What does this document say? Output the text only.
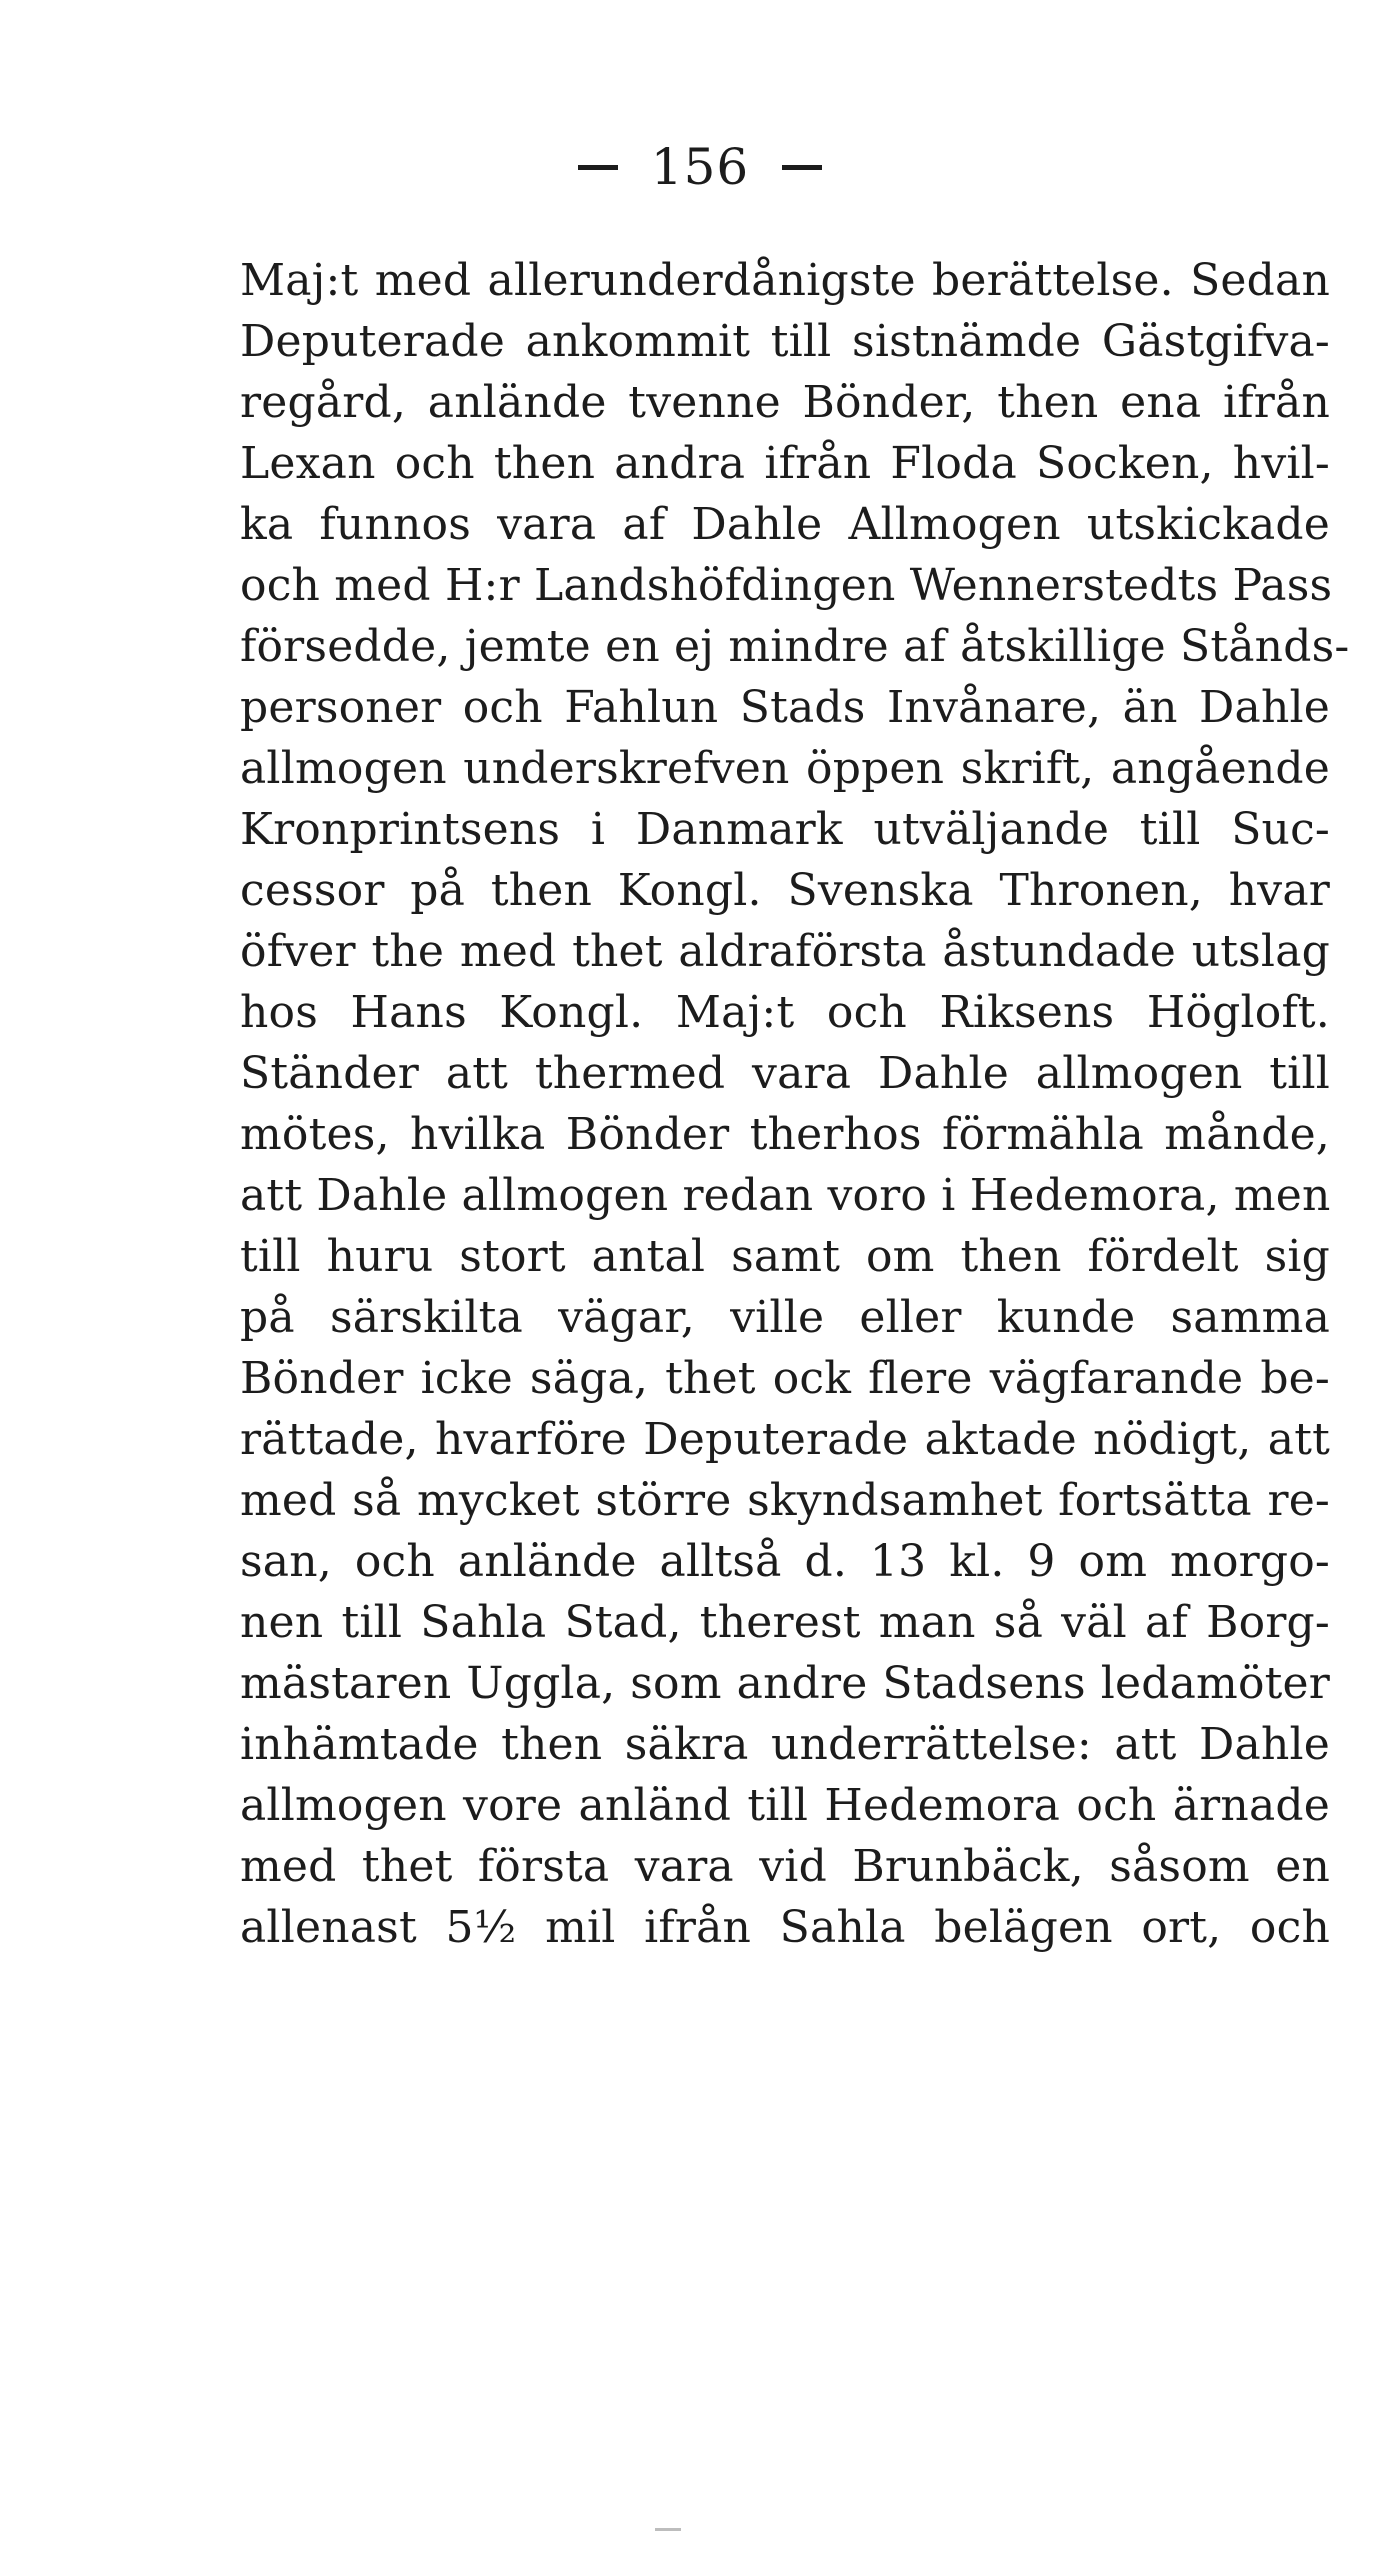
156
Maj:t med allerunderdånigste berättelse. Sedan
Deputerade ankommit till sistnämde Gästgifva-
regård, anlände tvenne Bönder, then ena ifrån
Lexan och then andra ifrån Floda Socken, hvil-
ka funnos vara af Dahle Allmogen utskickade
och med H:r Landshöfdingen Wennerstedts Pass
försedde, jemte en ej mindre af åtskillige Stånds-
personer och Fahlun Stads Invånare, än Dahle
allmogen underskrefven öppen skrift, angående
Kronprintsens i Danmark utväljande till Suc-
cessor på then Kongl. Svenska Thronen, hvar
öfver the med thet aldraförsta åstundade utslag
hos Hans Kongl. Maj:t och Riksens Högloft.
Ständer att thermed vara Dahle allmogen till
mötes, hvilka Bönder therhos förmähla månde,
att Dahle allmogen redan voro i Hedemora, men
till huru stort antal samt om then fördelt sig
på särskilta vägar, ville eller kunde samma
Bönder icke säga, thet ock flere vägfarande be-
rättade, hvarföre Deputerade aktade nödigt, att
med så mycket större skyndsamhet fortsätta re-
san, och anlände alltså d. 13 kl. 9 om morgo-
nen till Sahla Stad, therest man så väl af Borg-
mästaren Uggla, som andre Stadsens ledamöter
inhämtade then säkra underrättelse: att Dahle
allmogen vore anländ till Hedemora och ärnade
med thet första vara vid Brunbäck, såsom en
allenast 5½ mil ifrån Sahla belägen ort, och
